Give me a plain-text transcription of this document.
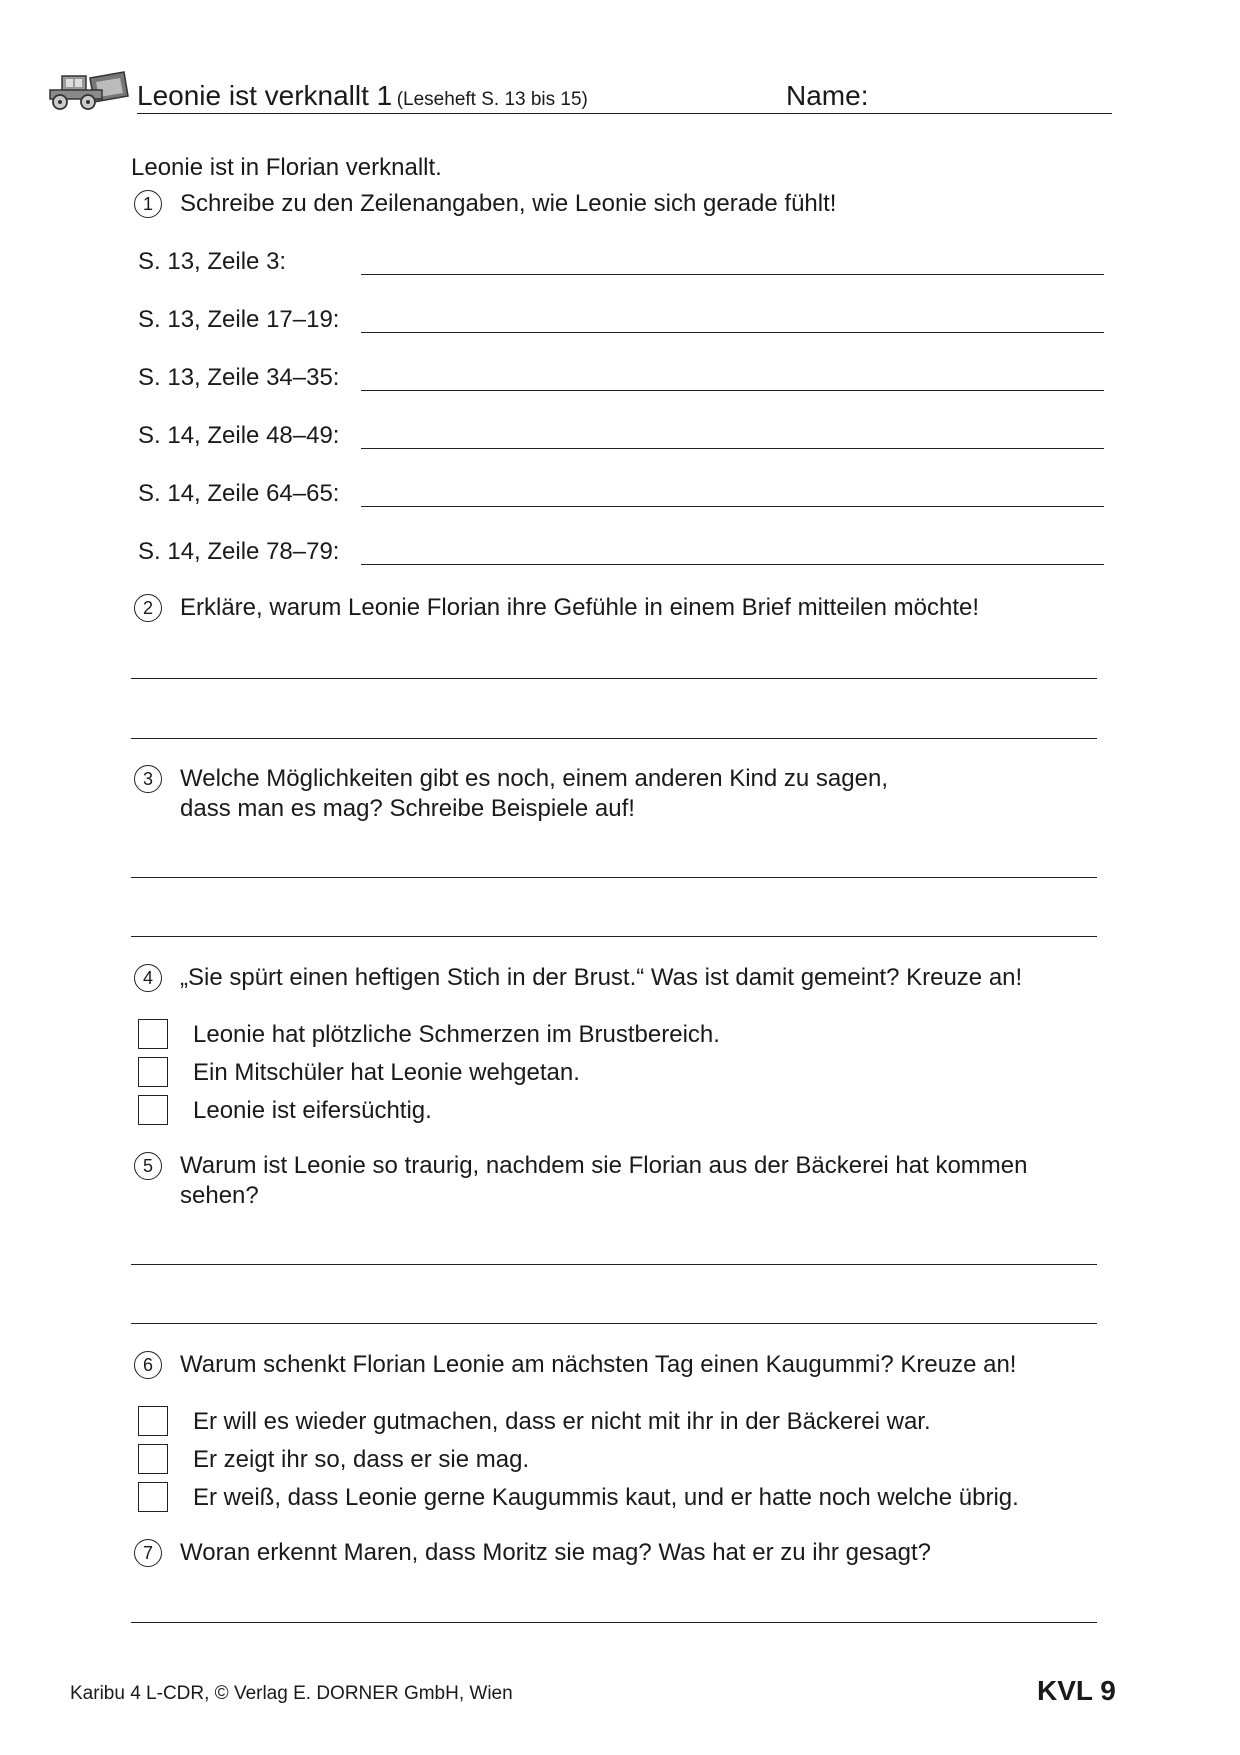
Leonie ist verknallt 1 (Leseheft S. 13 bis 15)	Name:
Leonie ist in Florian verknallt.
1	Schreibe zu den Zeilenangaben, wie Leonie sich gerade fühlt!
S. 13, Zeile 3:
S. 13, Zeile 17–19:
S. 13, Zeile 34–35:
S. 14, Zeile 48–49:
S. 14, Zeile 64–65:
S. 14, Zeile 78–79:
2	Erkläre, warum Leonie Florian ihre Gefühle in einem Brief mitteilen möchte!
3	Welche Möglichkeiten gibt es noch, einem anderen Kind zu sagen,
dass man es mag? Schreibe Beispiele auf!
4	„Sie spürt einen heftigen Stich in der Brust.“ Was ist damit gemeint? Kreuze an!
Leonie hat plötzliche Schmerzen im Brustbereich.
Ein Mitschüler hat Leonie wehgetan.
Leonie ist eifersüchtig.
5	Warum ist Leonie so traurig, nachdem sie Florian aus der Bäckerei hat kommen
sehen?
6	Warum schenkt Florian Leonie am nächsten Tag einen Kaugummi? Kreuze an!
Er will es wieder gutmachen, dass er nicht mit ihr in der Bäckerei war.
Er zeigt ihr so, dass er sie mag.
Er weiß, dass Leonie gerne Kaugummis kaut, und er hatte noch welche übrig.
7	Woran erkennt Maren, dass Moritz sie mag? Was hat er zu ihr gesagt?
Karibu 4 L-CDR, © Verlag E. DORNER GmbH, Wien	KVL 9
